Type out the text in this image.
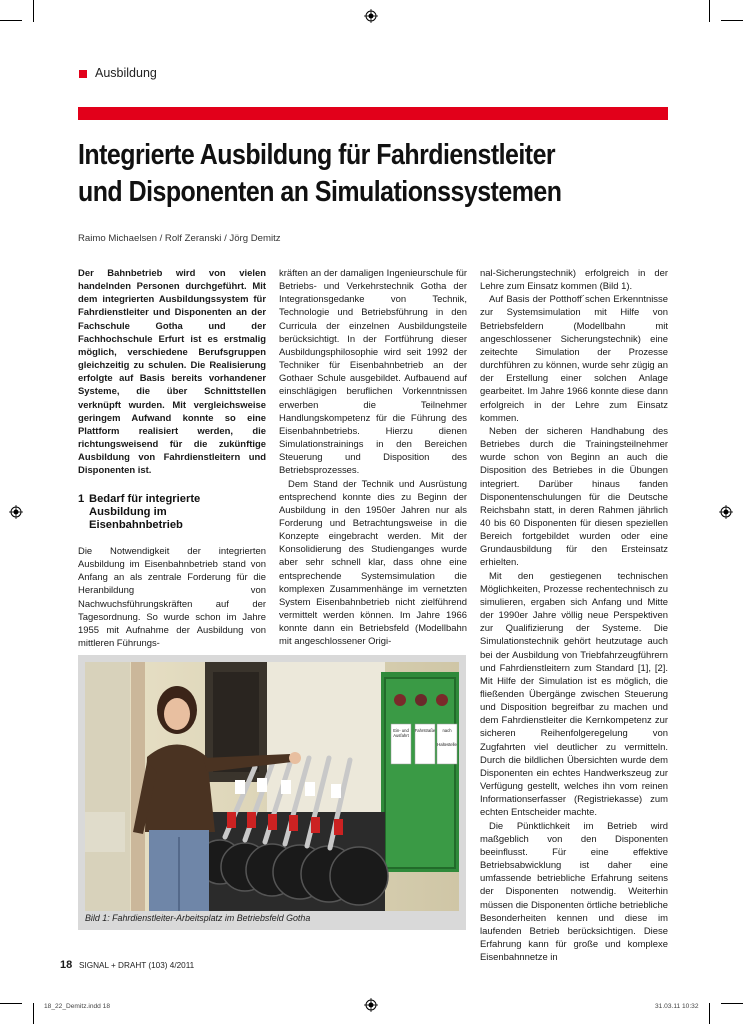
Ausbildung
Integrierte Ausbildung für Fahrdienstleiter
und Disponenten an Simulationssystemen
Raimo Michaelsen / Rolf Zeranski / Jörg Demitz

Der Bahnbetrieb wird von vielen handelnden Personen durchgeführt. Mit dem integrierten Ausbildungssystem für Fahrdienstleiter und Disponenten an der Fachschule Gotha und der Fachhochschule Erfurt ist es erstmalig möglich, verschiedene Berufsgruppen gleichzeitig zu schulen. Die Realisierung erfolgte auf Basis bereits vorhandener Systeme, die über Schnittstellen verknüpft wurden. Mit vergleichsweise geringem Aufwand konnte so eine Plattform realisiert werden, die richtungsweisend für die zukünftige Ausbildung von Fahrdienstleitern und Disponenten ist.

1 Bedarf für integrierte Ausbildung im Eisenbahnbetrieb

Die Notwendigkeit der integrierten Ausbildung im Eisenbahnbetrieb stand von Anfang an als zentrale Forderung für die Heranbildung von Nachwuchsführungskräften auf der Tagesordnung. So wurde schon im Jahre 1955 mit Aufnahme der Ausbildung von mittleren Führungs-

kräften an der damaligen Ingenieurschule für Betriebs- und Verkehrstechnik Gotha der Integrationsgedanke von Technik, Technologie und Betriebsführung in den Curricula der einzelnen Ausbildungsteile berücksichtigt. In der Fortführung dieser Ausbildungsphilosophie wird seit 1992 der Techniker für Eisenbahnbetrieb an der Gothaer Schule ausgebildet. Aufbauend auf einschlägigen beruflichen Vorkenntnissen erwerben die Teilnehmer Handlungskompetenz für die Führung des Eisenbahnbetriebs. Hierzu dienen Simulationstrainings in den Bereichen Steuerung und Disposition des Betriebsprozesses.

Dem Stand der Technik und Ausrüstung entsprechend konnte dies zu Beginn der Ausbildung in den 1950er Jahren nur als Forderung und Betrachtungsweise in die Konzepte eingebracht werden. Mit der Konsolidierung des Studienganges wurde aber sehr schnell klar, dass ohne eine entsprechende Systemsimulation die komplexen Zusammenhänge im vernetzten System Eisenbahnbetrieb nicht zielführend vermittelt werden können. Im Jahre 1966 konnte dann ein Betriebsfeld (Modellbahn mit angeschlossener Origi-

nal-Sicherungstechnik) erfolgreich in der Lehre zum Einsatz kommen (Bild 1).

Auf Basis der Potthoff´schen Erkenntnisse zur Systemsimulation mit Hilfe von Betriebsfeldern (Modellbahn mit angeschlossener Sicherungstechnik) eine zeitechte Simulation der Prozesse durchführen zu können, wurde sehr zügig an der Erstellung einer solchen Anlage gearbeitet. Im Jahre 1966 konnte diese dann erfolgreich in der Lehre zum Einsatz kommen.

Neben der sicheren Handhabung des Betriebes durch die Trainingsteilnehmer wurde schon von Beginn an auch die Disposition des Betriebes in die Übungen integriert. Darüber hinaus fanden Disponentenschulungen für die Deutsche Reichsbahn statt, in deren Rahmen jährlich 40 bis 60 Disponenten für diesen speziellen Bereich fortgebildet wurden oder eine Grundausbildung für den Ersteinsatz erhielten.

Mit den gestiegenen technischen Möglichkeiten, Prozesse rechentechnisch zu simulieren, ergaben sich Anfang und Mitte der 1990er Jahre völlig neue Perspektiven zur Qualifizierung der Systeme. Die Simulationstechnik gehört heutzutage auch bei der Ausbildung von Triebfahrzeugführern und Fahrdienstleitern zum Standard [1], [2]. Mit Hilfe der Simulation ist es möglich, die fließenden Übergänge zwischen Steuerung und Disposition begreifbar zu machen und dem Fahrdienstleiter die Kernkompetenz zur sicheren Reihenfolgeregelung von Zugfahrten viel deutlicher zu vermitteln. Durch die bildlichen Übersichten wurde dem Disponenten ein echtes Handwerkszeug zur Verfügung gestellt, welches ihn vom reinen Informationserfasser (Registriekasse) zum echten Entscheider machte.

Die Pünktlichkeit im Betrieb wird maßgeblich von den Disponenten beeinflusst. Für eine effektive Betriebsabwicklung ist daher eine umfassende betriebliche Erfahrung seitens der Disponenten notwendig. Weiterhin müssen die Disponenten örtliche betriebliche Besonderheiten kennen und diese im laufenden Betrieb berücksichtigen. Diese Erfahrung kann für große und komplexe Eisenbahnnetze in

Ein- und Ausfahrt
Fahrstraße	nach
Haltestelle
Bild 1: Fahrdienstleiter-Arbeitsplatz im Betriebsfeld Gotha
18 SIGNAL + DRAHT (103) 4/2011
18_22_Demitz.indd 18	31.03.11 10:32
